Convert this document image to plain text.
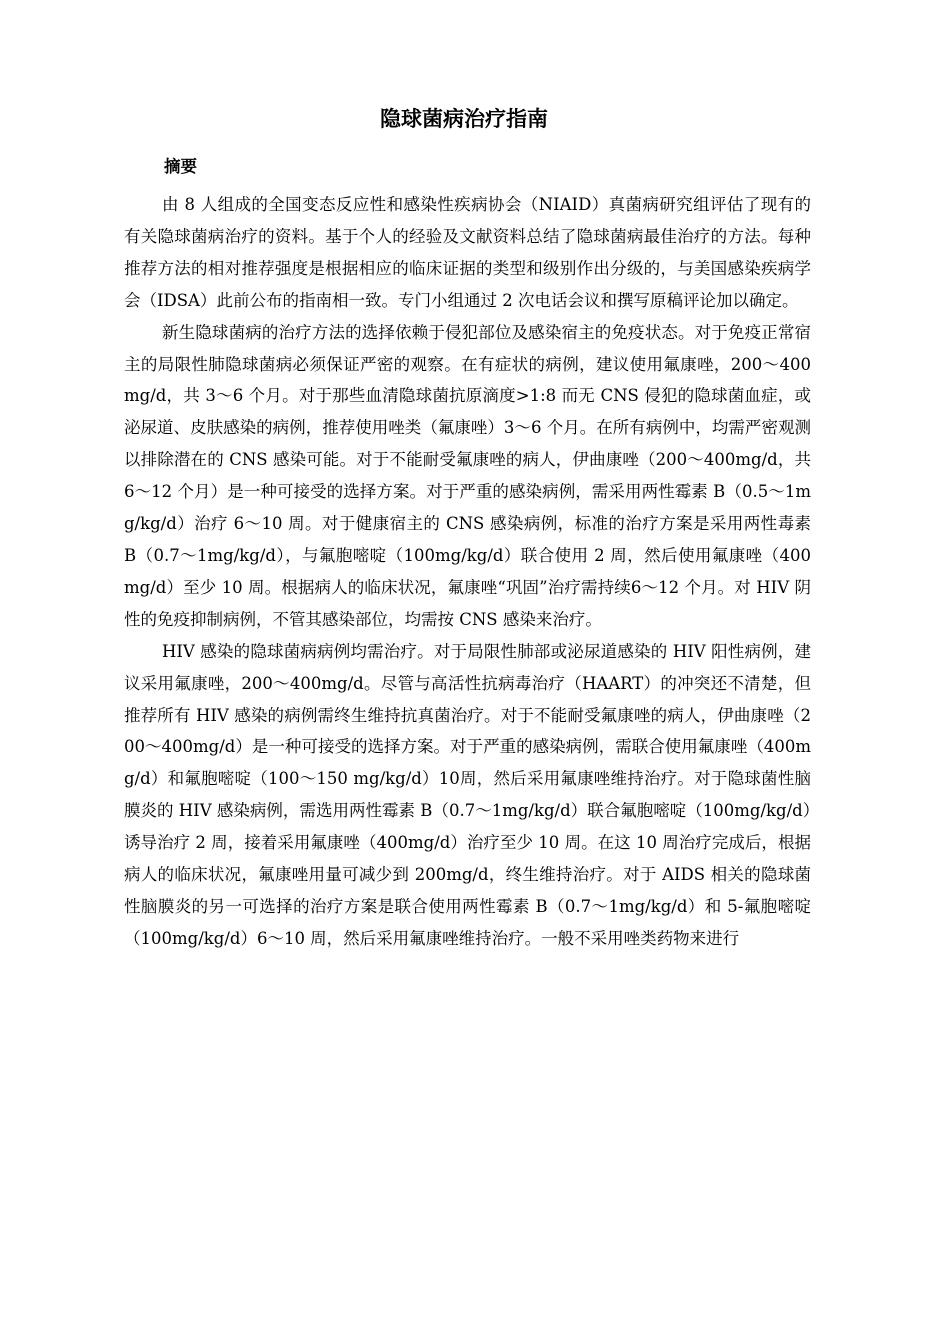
隐球菌病治疗指南
摘要

由 8 人组成的全国变态反应性和感染性疾病协会（NIAID）真菌病研究组评估了现有的有关隐球菌病治疗的资料。基于个人的经验及文献资料总结了隐球菌病最佳治疗的方法。每种推荐方法的相对推荐强度是根据相应的临床证据的类型和级别作出分级的，与美国感染疾病学会（IDSA）此前公布的指南相一致。专门小组通过 2 次电话会议和撰写原稿评论加以确定。

新生隐球菌病的治疗方法的选择依赖于侵犯部位及感染宿主的免疫状态。对于免疫正常宿主的局限性肺隐球菌病必须保证严密的观察。在有症状的病例，建议使用氟康唑，200～400mg/d，共 3～6 个月。对于那些血清隐球菌抗原滴度>1:8 而无 CNS 侵犯的隐球菌血症，或泌尿道、皮肤感染的病例，推荐使用唑类（氟康唑）3～6 个月。在所有病例中，均需严密观测以排除潜在的 CNS 感染可能。对于不能耐受氟康唑的病人，伊曲康唑（200～400mg/d，共 6～12 个月）是一种可接受的选择方案。对于严重的感染病例，需采用两性霉素 B（0.5～1mg/kg/d）治疗 6～10 周。对于健康宿主的 CNS 感染病例，标准的治疗方案是采用两性毒素 B（0.7～1mg/kg/d），与氟胞嘧啶（100mg/kg/d）联合使用 2 周，然后使用氟康唑（400mg/d）至少 10 周。根据病人的临床状况，氟康唑“巩固”治疗需持续6～12 个月。对 HIV 阴性的免疫抑制病例，不管其感染部位，均需按 CNS 感染来治疗。

HIV 感染的隐球菌病病例均需治疗。对于局限性肺部或泌尿道感染的 HIV 阳性病例，建议采用氟康唑，200～400mg/d。尽管与高活性抗病毒治疗（HAART）的冲突还不清楚，但推荐所有 HIV 感染的病例需终生维持抗真菌治疗。对于不能耐受氟康唑的病人，伊曲康唑（200～400mg/d）是一种可接受的选择方案。对于严重的感染病例，需联合使用氟康唑（400mg/d）和氟胞嘧啶（100～150 mg/kg/d）10周，然后采用氟康唑维持治疗。对于隐球菌性脑膜炎的 HIV 感染病例，需选用两性霉素 B（0.7～1mg/kg/d）联合氟胞嘧啶（100mg/kg/d）诱导治疗 2 周，接着采用氟康唑（400mg/d）治疗至少 10 周。在这 10 周治疗完成后，根据病人的临床状况，氟康唑用量可减少到 200mg/d，终生维持治疗。对于 AIDS 相关的隐球菌性脑膜炎的另一可选择的治疗方案是联合使用两性霉素 B（0.7～1mg/kg/d）和 5-氟胞嘧啶（100mg/kg/d）6～10 周，然后采用氟康唑维持治疗。一般不采用唑类药物来进行
